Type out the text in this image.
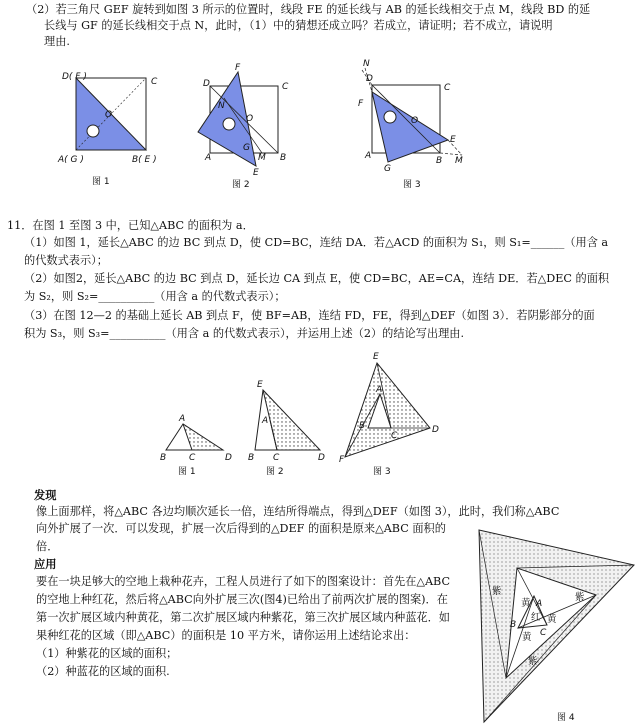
（2）若三角尺 GEF 旋转到如图 3 所示的位置时，线段 FE 的延长线与 AB 的延长线相交于点 M，线段 BD 的延
长线与 GF 的延长线相交于点 N，此时，（1）中的猜想还成立吗？若成立，请证明；若不成立，请说明
理由.
D( F )	C
O
A( G )	B( E )
图 1
D
F
C
N
O
A	B
M
G
E
图 2
N
D
C
F
O
E
A	B M
G
图 3
A
B	C	D
图 1
E
A
B C	D
图 2
E
A
B
C
D
F
图 3
紫
紫
紫
黄
黄
黄
红
A
B
C
图 4
11．在图 1 至图 3 中，已知△ABC 的面积为 a．
（1）如图 1，延长△ABC 的边 BC 到点 D，使 CD=BC，连结 DA．若△ACD 的面积为 S₁，则 S₁=______（用含 a
的代数式表示）；
（2）如图2，延长△ABC 的边 BC 到点 D，延长边 CA 到点 E，使 CD=BC，AE=CA，连结 DE．若△DEC 的面积
为 S₂，则 S₂=__________（用含 a 的代数式表示）；
（3）在图 12—2 的基础上延长 AB 到点 F，使 BF=AB，连结 FD，FE，得到△DEF（如图 3）．若阴影部分的面
积为 S₃，则 S₃=__________（用含 a 的代数式表示），并运用上述（2）的结论写出理由.
发现
像上面那样，将△ABC 各边均顺次延长一倍，连结所得端点，得到△DEF（如图 3），此时，我们称△ABC
向外扩展了一次．可以发现，扩展一次后得到的△DEF 的面积是原来△ABC 面积的
倍．
应用
要在一块足够大的空地上栽种花卉，工程人员进行了如下的图案设计：首先在△ABC
的空地上种红花，然后将△ABC向外扩展三次(图4)已给出了前两次扩展的图案)．在
第一次扩展区域内种黄花，第二次扩展区域内种紫花，第三次扩展区域内种蓝花．如
果种红花的区域（即△ABC）的面积是 10 平方米，请你运用上述结论求出：
（1）种紫花的区域的面积；
（2）种蓝花的区域的面积.
